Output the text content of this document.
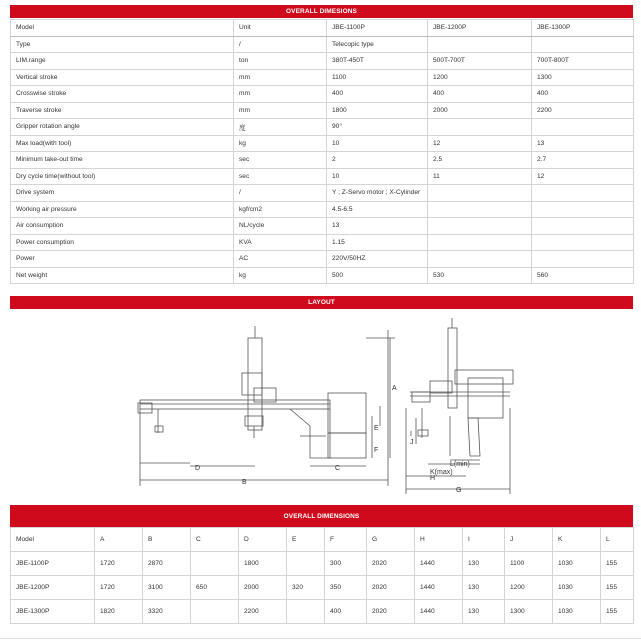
OVERALL DIMESIONS
Model	Unit	JBE-1100P	JBE-1200P	JBE-1300P
Type	/	Telecopic type		
LIM.range	ton	380T-450T	500T-700T	700T-800T
Vertical stroke	mm	1100	1200	1300
Crosswise stroke	mm	400	400	400
Traverse stroke	mm	1800	2000	2200
Gripper rotation angle	度	90°		
Max load(with tool)	kg	10	12	13
Minimum take-out time	sec	2	2.5	2.7
Dry cycle time(without tool)	sec	10	11	12
Drive system	/	Y ; Z-Servo motor ; X-Cylinder		
Working air pressure	kgf/cm2	4.5-6.5		
Air consumption	NL/cycle	13		
Power consumption	KVA	1.15		
Power	AC	220V/50HZ		
Net weight	kg	500	530	560
LAYOUT
A
B
C
D
E
F
G
H
I
J
K(max)
L(min)
OVERALL DIMENSIONS
Model	A	B	C	D	E	F	G	H	I	J	K	L
JBE-1100P	1720	2870		1800		300	2020	1440	130	1100	1030	155
JBE-1200P	1720	3100	650	2000	320	350	2020	1440	130	1200	1030	155
JBE-1300P	1820	3320		2200		400	2020	1440	130	1300	1030	155
